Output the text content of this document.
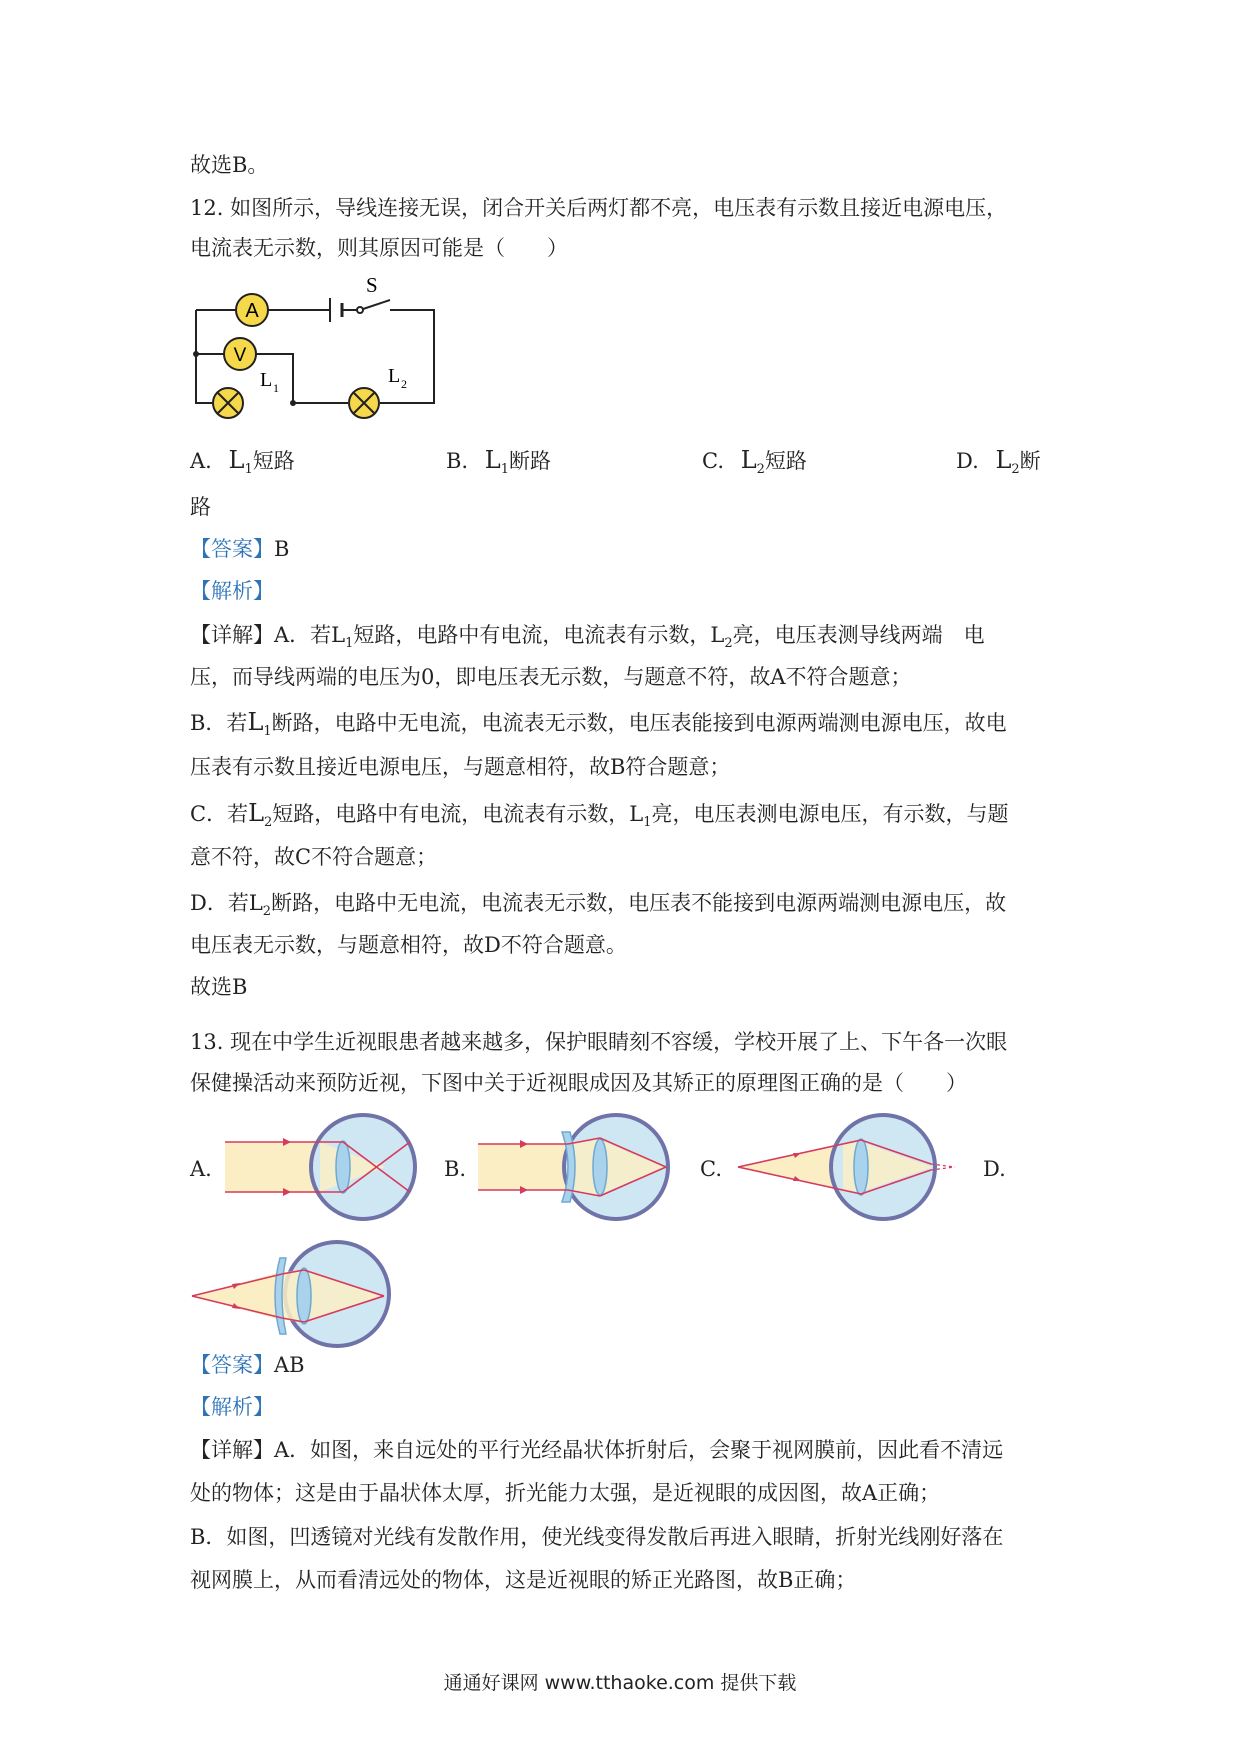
故选B。
12. 如图所示，导线连接无误，闭合开关后两灯都不亮，电压表有示数且接近电源电压，
电流表无示数，则其原因可能是（　　）
A
V
S
L 1
L 2
A. $L_1$短路	B. $L_1$断路	C. $L_2$短路	D. $L_2$断
路
【答案】B
【解析】
【详解】A．若$L_1$短路，电路中有电流，电流表有示数，$L_2$亮，电压表测导线两端　电
压，而导线两端的电压为0，即电压表无示数，与题意不符，故A不符合题意；
B．若$L_1$断路，电路中无电流，电流表无示数，电压表能接到电源两端测电源电压，故电
压表有示数且接近电源电压，与题意相符，故B符合题意；
C．若$L_2$短路，电路中有电流，电流表有示数，$L_1$亮，电压表测电源电压，有示数，与题
意不符，故C不符合题意；
D．若$L_2$断路，电路中无电流，电流表无示数，电压表不能接到电源两端测电源电压，故
电压表无示数，与题意相符，故D不符合题意。
故选B
13. 现在中学生近视眼患者越来越多，保护眼睛刻不容缓，学校开展了上、下午各一次眼
保健操活动来预防近视，下图中关于近视眼成因及其矫正的原理图正确的是（　　）
A.	B.	C.	D.
【答案】AB
【解析】
【详解】A．如图，来自远处的平行光经晶状体折射后，会聚于视网膜前，因此看不清远
处的物体；这是由于晶状体太厚，折光能力太强，是近视眼的成因图，故A正确；
B．如图，凹透镜对光线有发散作用，使光线变得发散后再进入眼睛，折射光线刚好落在
视网膜上，从而看清远处的物体，这是近视眼的矫正光路图，故B正确；
通通好课网 www.tthaoke.com 提供下载
